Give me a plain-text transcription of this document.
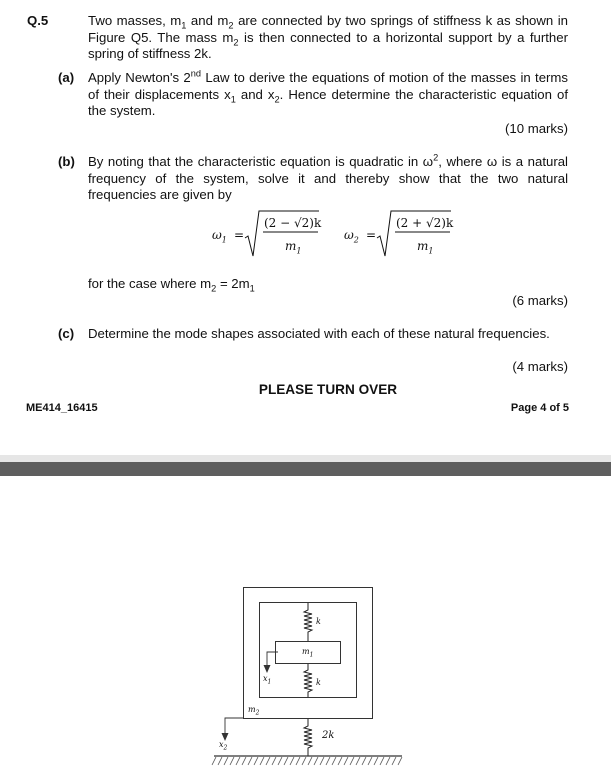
Q.5	Two masses, $m_1$ and $m_2$ are connected by two springs of stiffness k as shown in Figure Q5. The mass $m_2$ is then connected to a horizontal support by a further spring of stiffness 2k.
(a) Apply Newton's 2nd Law to derive the equations of motion of the masses in terms of their displacements $x_1$ and $x_2$. Hence determine the characteristic equation of the system.
(10 marks)
(b) By noting that the characteristic equation is quadratic in $\omega^2$, where ω is a natural frequency of the system, solve it and thereby show that the two natural frequencies are given by
$\omega_1$ =
(2 − √2)k
$m_1$
$\omega_2$ =
(2 + √2)k
$m_1$
for the case where $m_2 = 2m_1$
(6 marks)
(c) Determine the mode shapes associated with each of these natural frequencies.
(4 marks)
PLEASE TURN OVER
ME414_16415	Page 4 of 5
k
$m_1$
$x_1$	k
$m_2$
2k
$x_2$
